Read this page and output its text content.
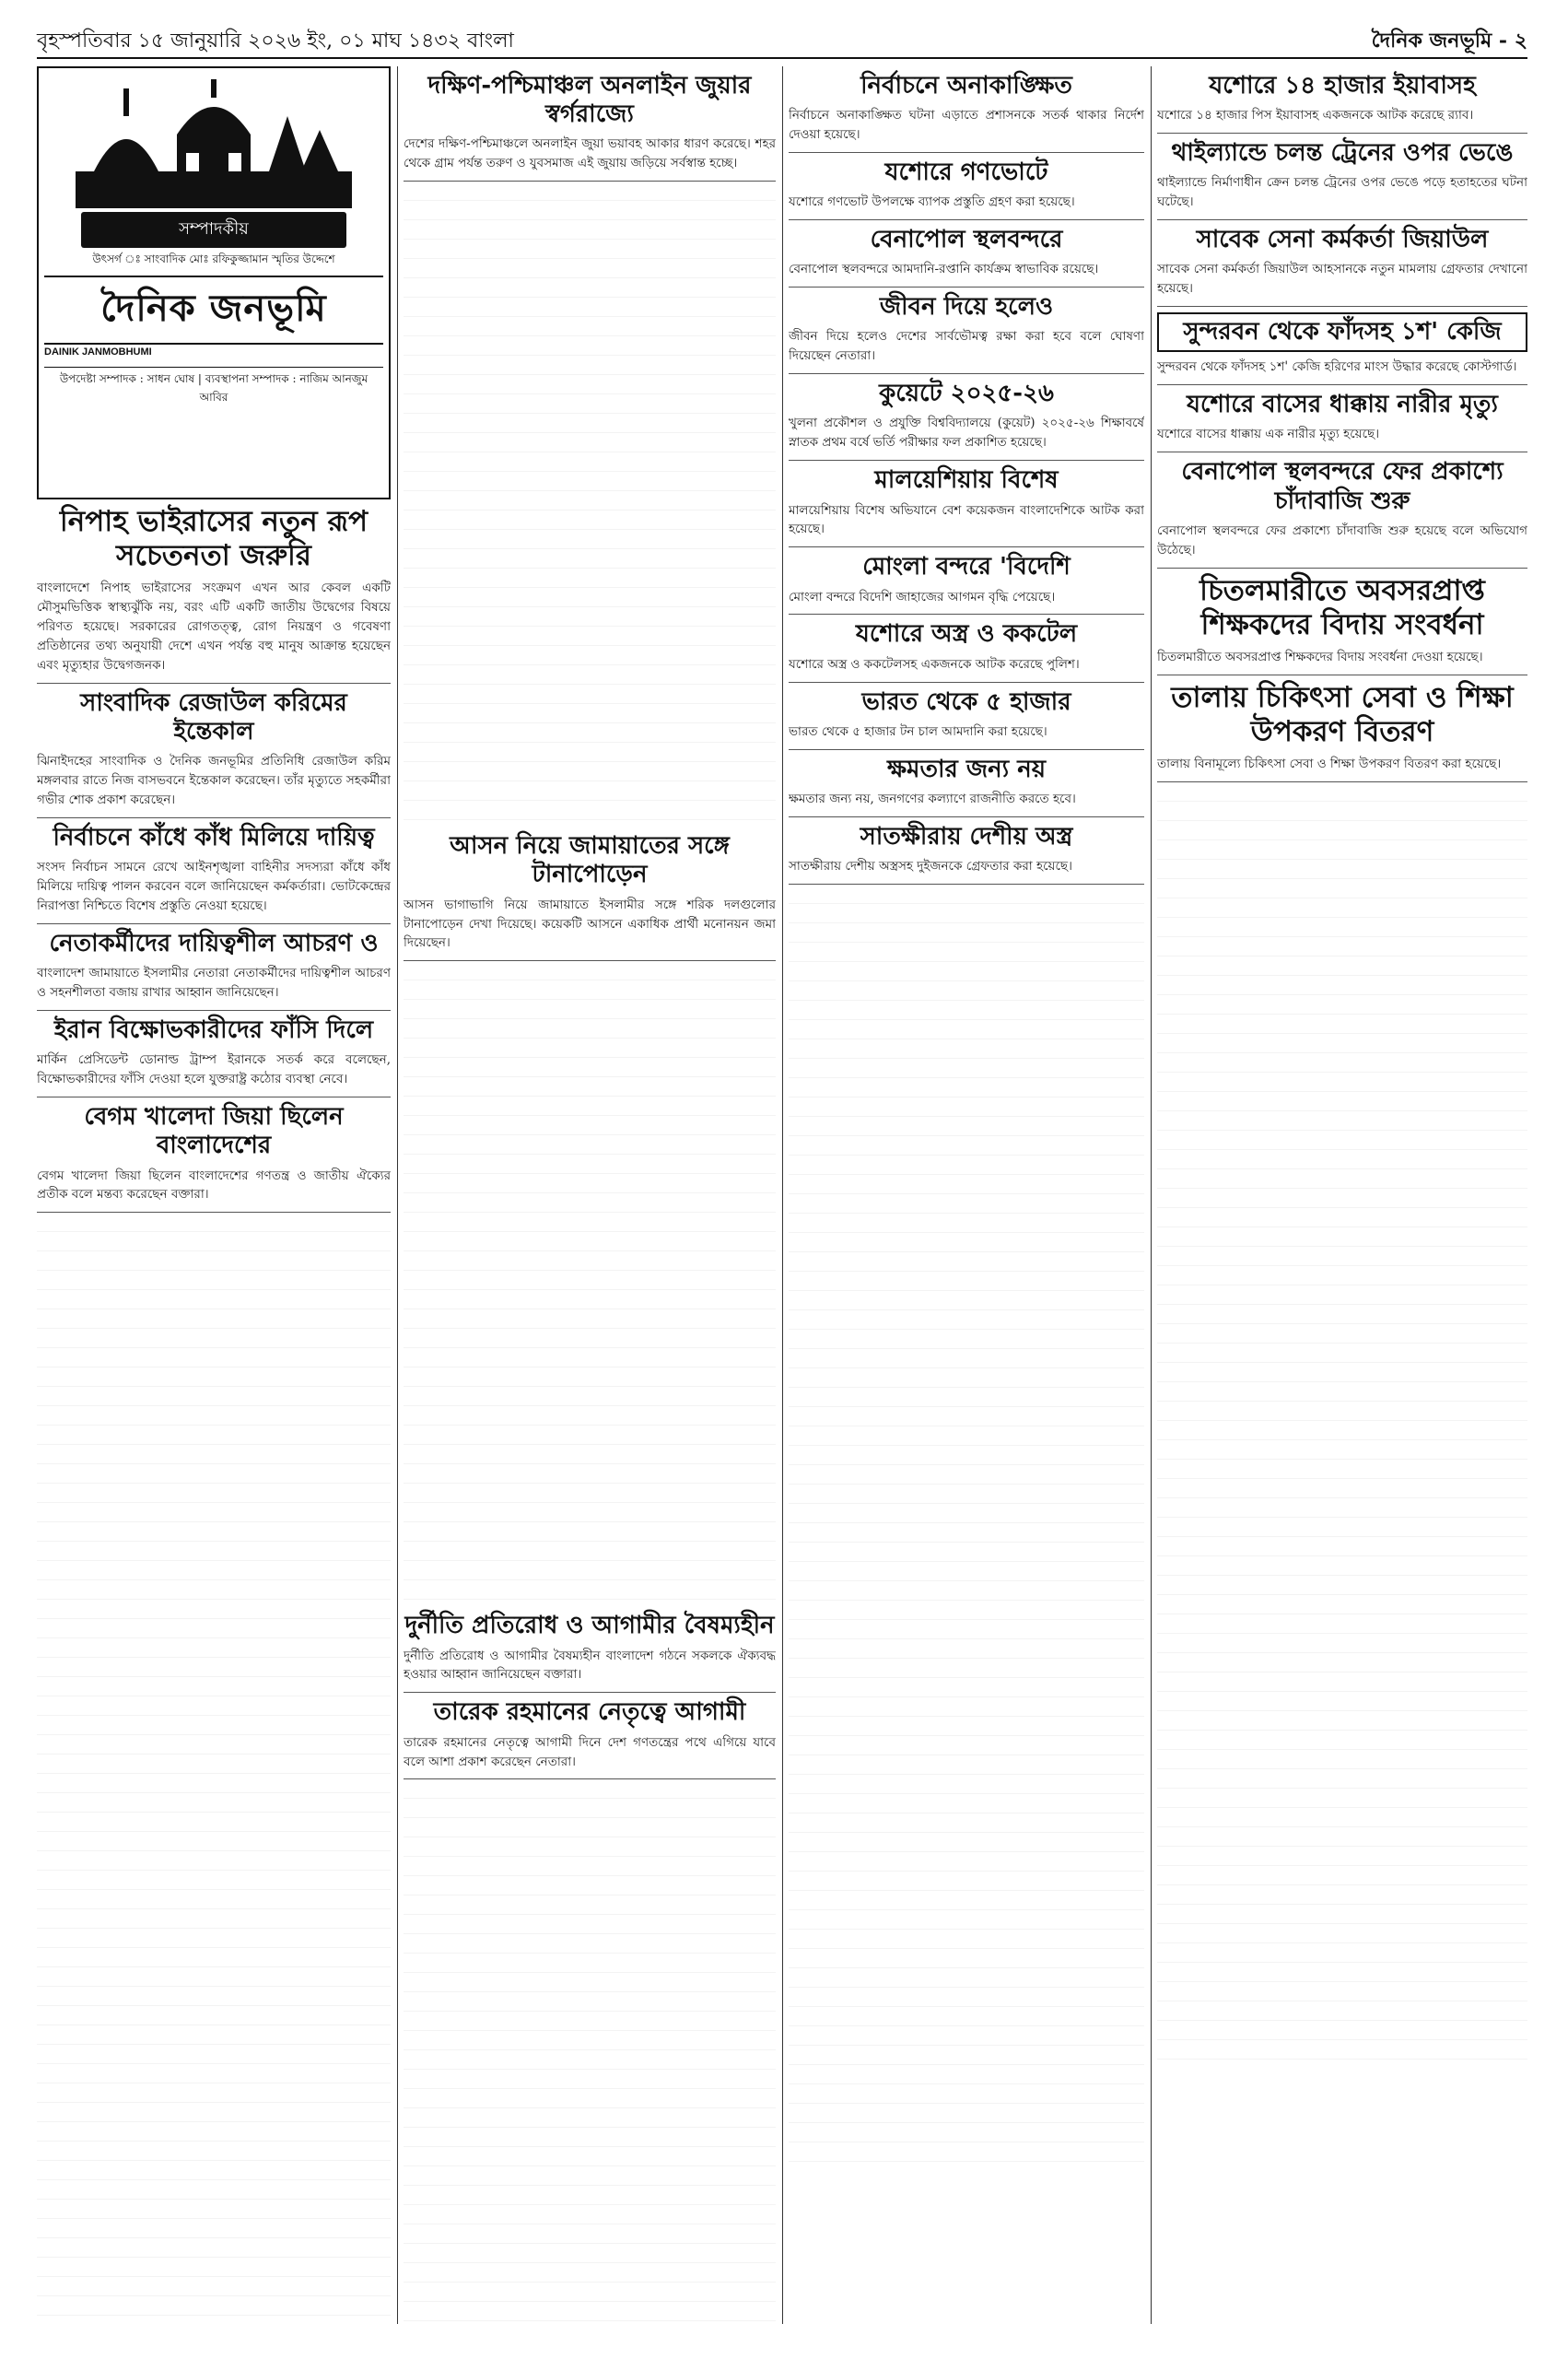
বৃহস্পতিবার ১৫ জানুয়ারি ২০২৬ ইং, ০১ মাঘ ১৪৩২ বাংলা	দৈনিক জনভূমি - ২
সম্পাদকীয়
উৎসর্গ ঃ সাংবাদিক মোঃ রফিকুজ্জামান স্মৃতির উদ্দেশে
দৈনিক জনভূমি
DAINIK JANMOBHUMI
উপদেষ্টা সম্পাদক : সাধন ঘোষ | ব্যবস্থাপনা সম্পাদক : নাজিম আনজুম আবির
নিপাহ ভাইরাসের নতুন রূপ সচেতনতা জরুরি

বাংলাদেশে নিপাহ ভাইরাসের সংক্রমণ এখন আর কেবল একটি মৌসুমভিত্তিক স্বাস্থ্যঝুঁকি নয়, বরং এটি একটি জাতীয় উদ্বেগের বিষয়ে পরিণত হয়েছে। সরকারের রোগতত্ত্ব, রোগ নিয়ন্ত্রণ ও গবেষণা প্রতিষ্ঠানের তথ্য অনুযায়ী দেশে এখন পর্যন্ত বহু মানুষ আক্রান্ত হয়েছেন এবং মৃত্যুহার উদ্বেগজনক।

সাংবাদিক রেজাউল করিমের ইন্তেকাল

ঝিনাইদহের সাংবাদিক ও দৈনিক জনভূমির প্রতিনিধি রেজাউল করিম মঙ্গলবার রাতে নিজ বাসভবনে ইন্তেকাল করেছেন। তাঁর মৃত্যুতে সহকর্মীরা গভীর শোক প্রকাশ করেছেন।

নির্বাচনে কাঁধে কাঁধ মিলিয়ে দায়িত্ব

সংসদ নির্বাচন সামনে রেখে আইনশৃঙ্খলা বাহিনীর সদস্যরা কাঁধে কাঁধ মিলিয়ে দায়িত্ব পালন করবেন বলে জানিয়েছেন কর্মকর্তারা। ভোটকেন্দ্রের নিরাপত্তা নিশ্চিতে বিশেষ প্রস্তুতি নেওয়া হয়েছে।

নেতাকর্মীদের দায়িত্বশীল আচরণ ও

বাংলাদেশ জামায়াতে ইসলামীর নেতারা নেতাকর্মীদের দায়িত্বশীল আচরণ ও সহনশীলতা বজায় রাখার আহ্বান জানিয়েছেন।

ইরান বিক্ষোভকারীদের ফাঁসি দিলে

মার্কিন প্রেসিডেন্ট ডোনাল্ড ট্রাম্প ইরানকে সতর্ক করে বলেছেন, বিক্ষোভকারীদের ফাঁসি দেওয়া হলে যুক্তরাষ্ট্র কঠোর ব্যবস্থা নেবে।

বেগম খালেদা জিয়া ছিলেন বাংলাদেশের

বেগম খালেদা জিয়া ছিলেন বাংলাদেশের গণতন্ত্র ও জাতীয় ঐক্যের প্রতীক বলে মন্তব্য করেছেন বক্তারা।

দক্ষিণ-পশ্চিমাঞ্চল অনলাইন জুয়ার স্বর্গরাজ্যে

দেশের দক্ষিণ-পশ্চিমাঞ্চলে অনলাইন জুয়া ভয়াবহ আকার ধারণ করেছে। শহর থেকে গ্রাম পর্যন্ত তরুণ ও যুবসমাজ এই জুয়ায় জড়িয়ে সর্বস্বান্ত হচ্ছে।

আসন নিয়ে জামায়াতের সঙ্গে টানাপোড়েন

আসন ভাগাভাগি নিয়ে জামায়াতে ইসলামীর সঙ্গে শরিক দলগুলোর টানাপোড়েন দেখা দিয়েছে। কয়েকটি আসনে একাধিক প্রার্থী মনোনয়ন জমা দিয়েছেন।

দুর্নীতি প্রতিরোধ ও আগামীর বৈষম্যহীন

দুর্নীতি প্রতিরোধ ও আগামীর বৈষম্যহীন বাংলাদেশ গঠনে সকলকে ঐক্যবদ্ধ হওয়ার আহ্বান জানিয়েছেন বক্তারা।

তারেক রহমানের নেতৃত্বে আগামী

তারেক রহমানের নেতৃত্বে আগামী দিনে দেশ গণতন্ত্রের পথে এগিয়ে যাবে বলে আশা প্রকাশ করেছেন নেতারা।

নির্বাচনে অনাকাঙ্ক্ষিত

নির্বাচনে অনাকাঙ্ক্ষিত ঘটনা এড়াতে প্রশাসনকে সতর্ক থাকার নির্দেশ দেওয়া হয়েছে।

যশোরে গণভোটে

যশোরে গণভোট উপলক্ষে ব্যাপক প্রস্তুতি গ্রহণ করা হয়েছে।

বেনাপোল স্থলবন্দরে

বেনাপোল স্থলবন্দরে আমদানি-রপ্তানি কার্যক্রম স্বাভাবিক রয়েছে।

জীবন দিয়ে হলেও

জীবন দিয়ে হলেও দেশের সার্বভৌমত্ব রক্ষা করা হবে বলে ঘোষণা দিয়েছেন নেতারা।

কুয়েটে ২০২৫-২৬

খুলনা প্রকৌশল ও প্রযুক্তি বিশ্ববিদ্যালয়ে (কুয়েট) ২০২৫-২৬ শিক্ষাবর্ষে স্নাতক প্রথম বর্ষে ভর্তি পরীক্ষার ফল প্রকাশিত হয়েছে।

মালয়েশিয়ায় বিশেষ

মালয়েশিয়ায় বিশেষ অভিযানে বেশ কয়েকজন বাংলাদেশিকে আটক করা হয়েছে।

মোংলা বন্দরে 'বিদেশি

মোংলা বন্দরে বিদেশি জাহাজের আগমন বৃদ্ধি পেয়েছে।

যশোরে অস্ত্র ও ককটেল

যশোরে অস্ত্র ও ককটেলসহ একজনকে আটক করেছে পুলিশ।

ভারত থেকে ৫ হাজার

ভারত থেকে ৫ হাজার টন চাল আমদানি করা হয়েছে।

ক্ষমতার জন্য নয়

ক্ষমতার জন্য নয়, জনগণের কল্যাণে রাজনীতি করতে হবে।

সাতক্ষীরায় দেশীয় অস্ত্র

সাতক্ষীরায় দেশীয় অস্ত্রসহ দুইজনকে গ্রেফতার করা হয়েছে।

যশোরে ১৪ হাজার ইয়াবাসহ

যশোরে ১৪ হাজার পিস ইয়াবাসহ একজনকে আটক করেছে র‍্যাব।

থাইল্যান্ডে চলন্ত ট্রেনের ওপর ভেঙে

থাইল্যান্ডে নির্মাণাধীন ক্রেন চলন্ত ট্রেনের ওপর ভেঙে পড়ে হতাহতের ঘটনা ঘটেছে।

সাবেক সেনা কর্মকর্তা জিয়াউল

সাবেক সেনা কর্মকর্তা জিয়াউল আহসানকে নতুন মামলায় গ্রেফতার দেখানো হয়েছে।

সুন্দরবন থেকে ফাঁদসহ ১শ' কেজি

সুন্দরবন থেকে ফাঁদসহ ১শ' কেজি হরিণের মাংস উদ্ধার করেছে কোস্টগার্ড।

যশোরে বাসের ধাক্কায় নারীর মৃত্যু

যশোরে বাসের ধাক্কায় এক নারীর মৃত্যু হয়েছে।

বেনাপোল স্থলবন্দরে ফের প্রকাশ্যে চাঁদাবাজি শুরু

বেনাপোল স্থলবন্দরে ফের প্রকাশ্যে চাঁদাবাজি শুরু হয়েছে বলে অভিযোগ উঠেছে।

চিতলমারীতে অবসরপ্রাপ্ত শিক্ষকদের বিদায় সংবর্ধনা

চিতলমারীতে অবসরপ্রাপ্ত শিক্ষকদের বিদায় সংবর্ধনা দেওয়া হয়েছে।

তালায় চিকিৎসা সেবা ও শিক্ষা উপকরণ বিতরণ

তালায় বিনামূল্যে চিকিৎসা সেবা ও শিক্ষা উপকরণ বিতরণ করা হয়েছে।
